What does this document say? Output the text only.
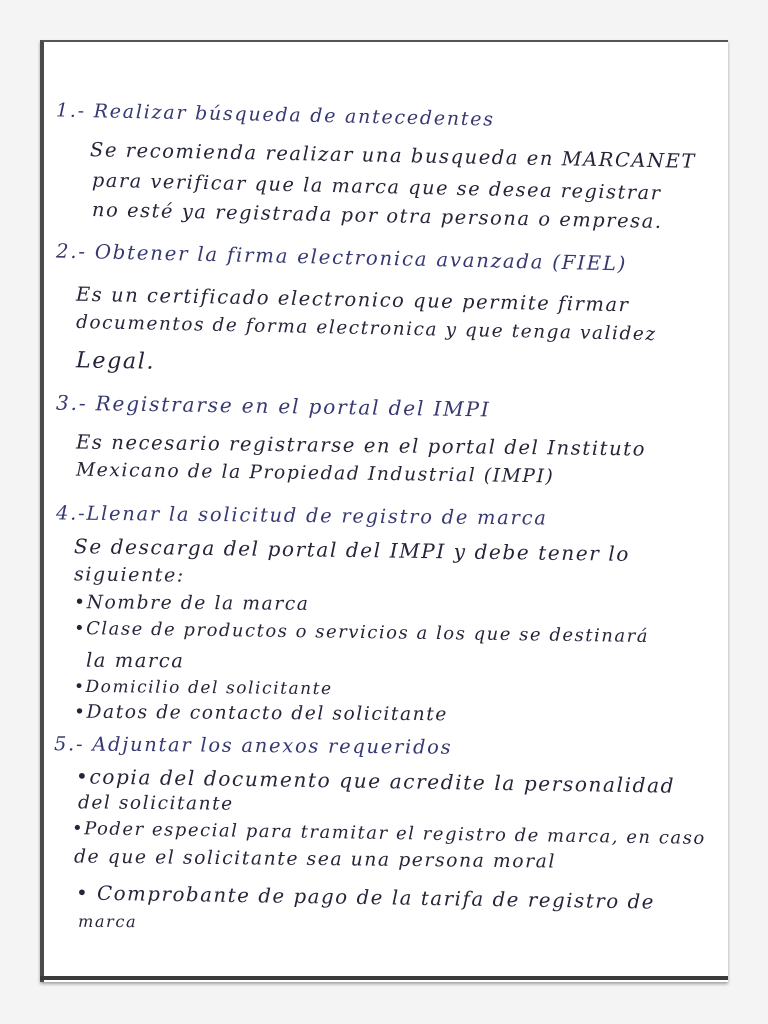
1.- Realizar búsqueda de antecedentes
Se recomienda realizar una busqueda en MARCANET
para verificar que la marca que se desea registrar
no esté ya registrada por otra persona o empresa.
2.- Obtener la firma electronica avanzada (FIEL)
Es un certificado electronico que permite firmar
documentos de forma electronica y que tenga validez
Legal.
3.- Registrarse en el portal del IMPI
Es necesario registrarse en el portal del Instituto
Mexicano de la Propiedad Industrial (IMPI)
4.-Llenar la solicitud de registro de marca
Se descarga del portal del IMPI y debe tener lo
siguiente:
•Nombre de la marca
•Clase de productos o servicios a los que se destinará
la marca
•Domicilio del solicitante
•Datos de contacto del solicitante
5.- Adjuntar los anexos requeridos
•copia del documento que acredite la personalidad
del solicitante
•Poder especial para tramitar el registro de marca, en caso
de que el solicitante sea una persona moral
• Comprobante de pago de la tarifa de registro de
marca
